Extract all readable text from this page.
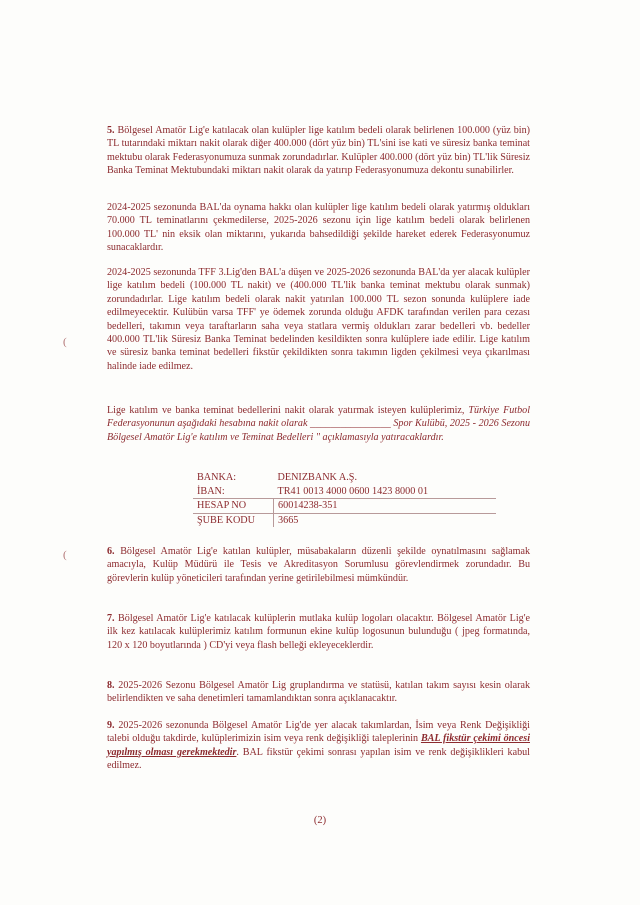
5. Bölgesel Amatör Lig'e katılacak olan kulüpler lige katılım bedeli olarak belirlenen 100.000 (yüz bin) TL tutarındaki miktarı nakit olarak diğer 400.000 (dört yüz bin) TL'sini ise kati ve süresiz banka teminat mektubu olarak Federasyonumuza sunmak zorundadırlar. Kulüpler 400.000 (dört yüz bin) TL'lik Süresiz Banka Teminat Mektubundaki miktarı nakit olarak da yatırıp Federasyonumuza dekontu sunabilirler.

2024-2025 sezonunda BAL'da oynama hakkı olan kulüpler lige katılım bedeli olarak yatırmış oldukları 70.000 TL teminatlarını çekmedilerse, 2025-2026 sezonu için lige katılım bedeli olarak belirlenen 100.000 TL' nin eksik olan miktarını, yukarıda bahsedildiği şekilde hareket ederek Federasyonumuz sunacaklardır.

2024-2025 sezonunda TFF 3.Lig'den BAL'a düşen ve 2025-2026 sezonunda BAL'da yer alacak kulüpler lige katılım bedeli (100.000 TL nakit) ve (400.000 TL'lik banka teminat mektubu olarak sunmak) zorundadırlar. Lige katılım bedeli olarak nakit yatırılan 100.000 TL sezon sonunda kulüplere iade edilmeyecektir. Kulübün varsa TFF' ye ödemek zorunda olduğu AFDK tarafından verilen para cezası bedelleri, takımın veya taraftarların saha veya statlara vermiş oldukları zarar bedelleri vb. bedeller 400.000 TL'lik Süresiz Banka Teminat bedelinden kesildikten sonra kulüplere iade edilir. Lige katılım ve süresiz banka teminat bedelleri fikstür çekildikten sonra takımın ligden çekilmesi veya çıkarılması halinde iade edilmez.

Lige katılım ve banka teminat bedellerini nakit olarak yatırmak isteyen kulüplerimiz, Türkiye Futbol Federasyonunun aşağıdaki hesabına nakit olarak ________________ Spor Kulübü, 2025 - 2026 Sezonu Bölgesel Amatör Lig'e katılım ve Teminat Bedelleri " açıklamasıyla yatıracaklardır.

BANKA:	DENIZBANK A.Ş.
İBAN:	TR41 0013 4000 0600 1423 8000 01
HESAP NO	60014238-351
ŞUBE KODU	3665

6. Bölgesel Amatör Lig'e katılan kulüpler, müsabakaların düzenli şekilde oynatılmasını sağlamak amacıyla, Kulüp Müdürü ile Tesis ve Akreditasyon Sorumlusu görevlendirmek zorundadır. Bu görevlerin kulüp yöneticileri tarafından yerine getirilebilmesi mümkündür.

7. Bölgesel Amatör Lig'e katılacak kulüplerin mutlaka kulüp logoları olacaktır. Bölgesel Amatör Lig'e ilk kez katılacak kulüplerimiz katılım formunun ekine kulüp logosunun bulunduğu ( jpeg formatında, 120 x 120 boyutlarında ) CD'yi veya flash belleği ekleyeceklerdir.

8. 2025-2026 Sezonu Bölgesel Amatör Lig gruplandırma ve statüsü, katılan takım sayısı kesin olarak belirlendikten ve saha denetimleri tamamlandıktan sonra açıklanacaktır.

9. 2025-2026 sezonunda Bölgesel Amatör Lig'de yer alacak takımlardan, İsim veya Renk Değişikliği talebi olduğu takdirde, kulüplerimizin isim veya renk değişikliği taleplerinin BAL fikstür çekimi öncesi yapılmış olması gerekmektedir. BAL fikstür çekimi sonrası yapılan isim ve renk değişiklikleri kabul edilmez.

(
(
(2)
